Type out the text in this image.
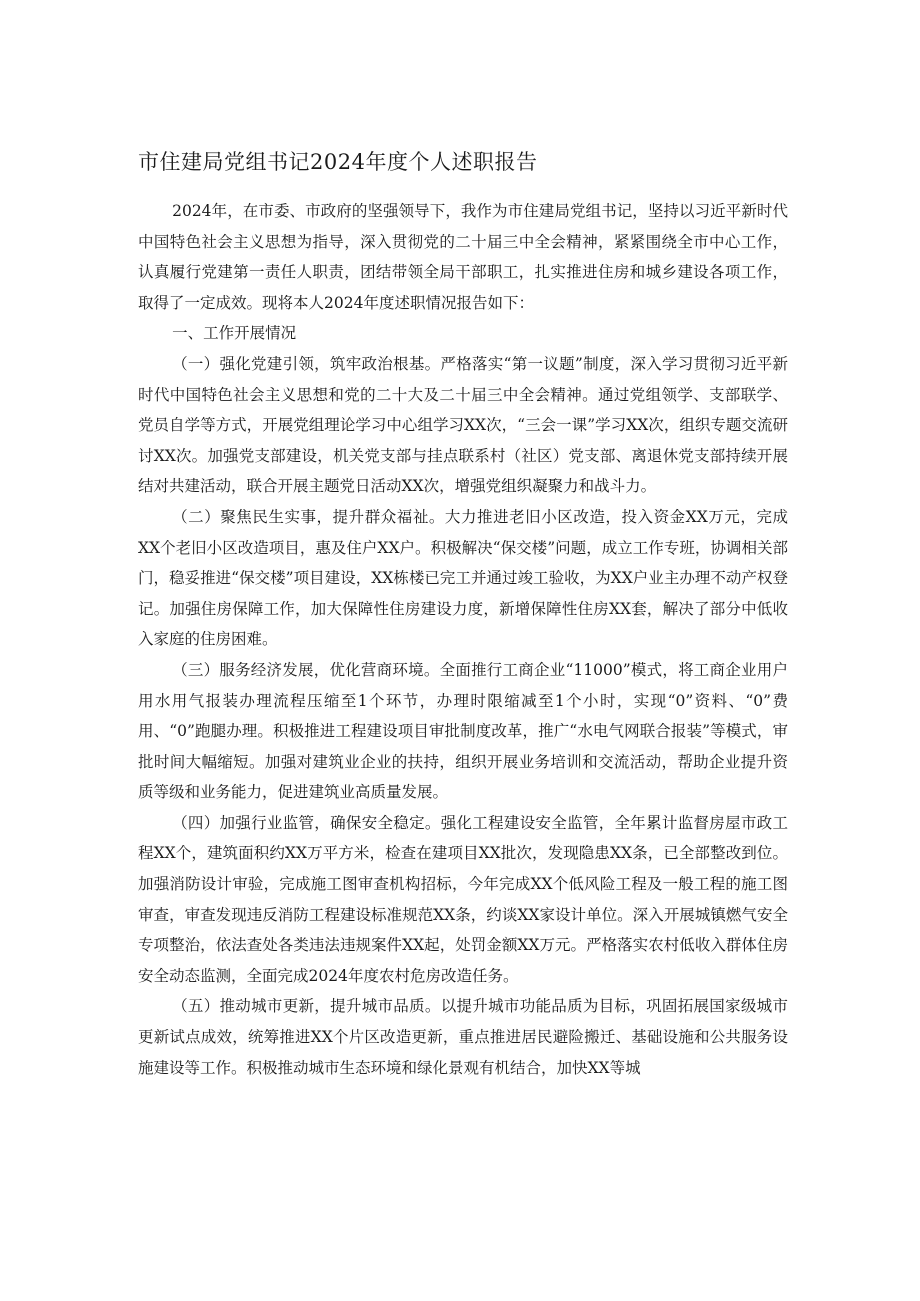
市住建局党组书记2024年度个人述职报告

2024年，在市委、市政府的坚强领导下，我作为市住建局党组书记，坚持以习近平新时代中国特色社会主义思想为指导，深入贯彻党的二十届三中全会精神，紧紧围绕全市中心工作，认真履行党建第一责任人职责，团结带领全局干部职工，扎实推进住房和城乡建设各项工作，取得了一定成效。现将本人2024年度述职情况报告如下：

一、工作开展情况

（一）强化党建引领，筑牢政治根基。严格落实“第一议题”制度，深入学习贯彻习近平新时代中国特色社会主义思想和党的二十大及二十届三中全会精神。通过党组领学、支部联学、党员自学等方式，开展党组理论学习中心组学习XX次，“三会一课”学习XX次，组织专题交流研讨XX次。加强党支部建设，机关党支部与挂点联系村（社区）党支部、离退休党支部持续开展结对共建活动，联合开展主题党日活动XX次，增强党组织凝聚力和战斗力。

（二）聚焦民生实事，提升群众福祉。大力推进老旧小区改造，投入资金XX万元，完成XX个老旧小区改造项目，惠及住户XX户。积极解决“保交楼”问题，成立工作专班，协调相关部门，稳妥推进“保交楼”项目建设，XX栋楼已完工并通过竣工验收，为XX户业主办理不动产权登记。加强住房保障工作，加大保障性住房建设力度，新增保障性住房XX套，解决了部分中低收入家庭的住房困难。

（三）服务经济发展，优化营商环境。全面推行工商企业“11000”模式，将工商企业用户用水用气报装办理流程压缩至1个环节，办理时限缩减至1个小时，实现“0”资料、“0”费用、“0”跑腿办理。积极推进工程建设项目审批制度改革，推广“水电气网联合报装”等模式，审批时间大幅缩短。加强对建筑业企业的扶持，组织开展业务培训和交流活动，帮助企业提升资质等级和业务能力，促进建筑业高质量发展。

（四）加强行业监管，确保安全稳定。强化工程建设安全监管，全年累计监督房屋市政工程XX个，建筑面积约XX万平方米，检查在建项目XX批次，发现隐患XX条，已全部整改到位。加强消防设计审验，完成施工图审查机构招标，今年完成XX个低风险工程及一般工程的施工图审查，审查发现违反消防工程建设标准规范XX条，约谈XX家设计单位。深入开展城镇燃气安全专项整治，依法查处各类违法违规案件XX起，处罚金额XX万元。严格落实农村低收入群体住房安全动态监测，全面完成2024年度农村危房改造任务。

（五）推动城市更新，提升城市品质。以提升城市功能品质为目标，巩固拓展国家级城市更新试点成效，统筹推进XX个片区改造更新，重点推进居民避险搬迁、基础设施和公共服务设施建设等工作。积极推动城市生态环境和绿化景观有机结合，加快XX等城
